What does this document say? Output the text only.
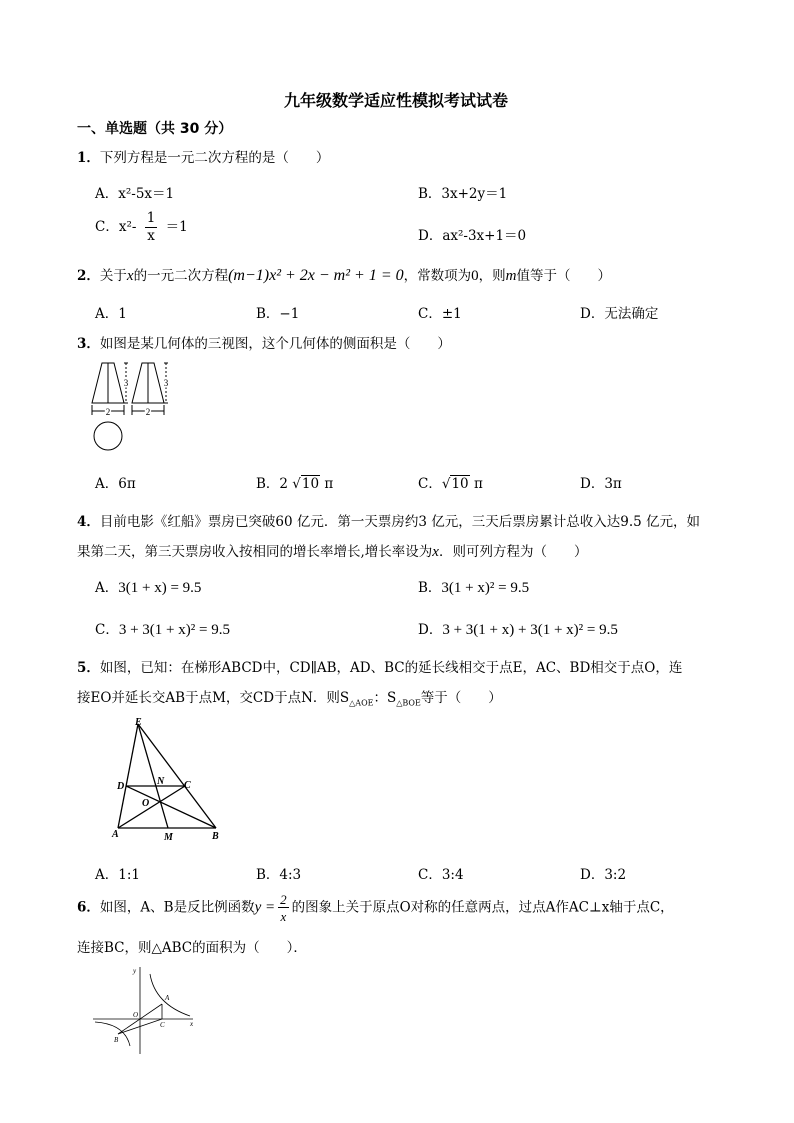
九年级数学适应性模拟考试试卷
一、单选题（共 30 分）
1．下列方程是一元二次方程的是（　　）
A．x²-5x＝1	B．3x+2y＝1
C．$x^2- \frac{1}{x} =1$
D．ax²-3x+1＝0
2．关于x的一元二次方程(m−1)x² + 2x − m² + 1 = 0，常数项为0，则m值等于（　　）
A．1	B．−1	C．±1	D．无法确定
3．如图是某几何体的三视图，这个几何体的侧面积是（　　）
2	2
3	3
A．6π	B．2 √10 π	C．√10 π	D．3π
4．目前电影《红船》票房已突破60 亿元．第一天票房约3 亿元，三天后票房累计总收入达9.5 亿元，如
果第二天，第三天票房收入按相同的增长率增长,增长率设为x．则可列方程为（　　）
A．3(1 + x) = 9.5	B．3(1 + x)² = 9.5
C．3 + 3(1 + x)² = 9.5	D．3 + 3(1 + x) + 3(1 + x)² = 9.5
5．如图，已知：在梯形ABCD中，CD∥AB，AD、BC的延长线相交于点E，AC、BD相交于点O，连
接EO并延长交AB于点M，交CD于点N．则$S_{\triangle AOE}$：$S_{\triangle BOE}$等于（　　）
E
D	N C
O
A	M	B
A．1:1	B．4:3	C．3:4	D．3:2
6．如图，A、B是反比例函数$y = \frac{2}{x}$ 的图象上关于原点O对称的任意两点，过点A作AC⊥x轴于点C，
连接BC，则△ABC的面积为（　　）．
y
x
O
A
B
C
